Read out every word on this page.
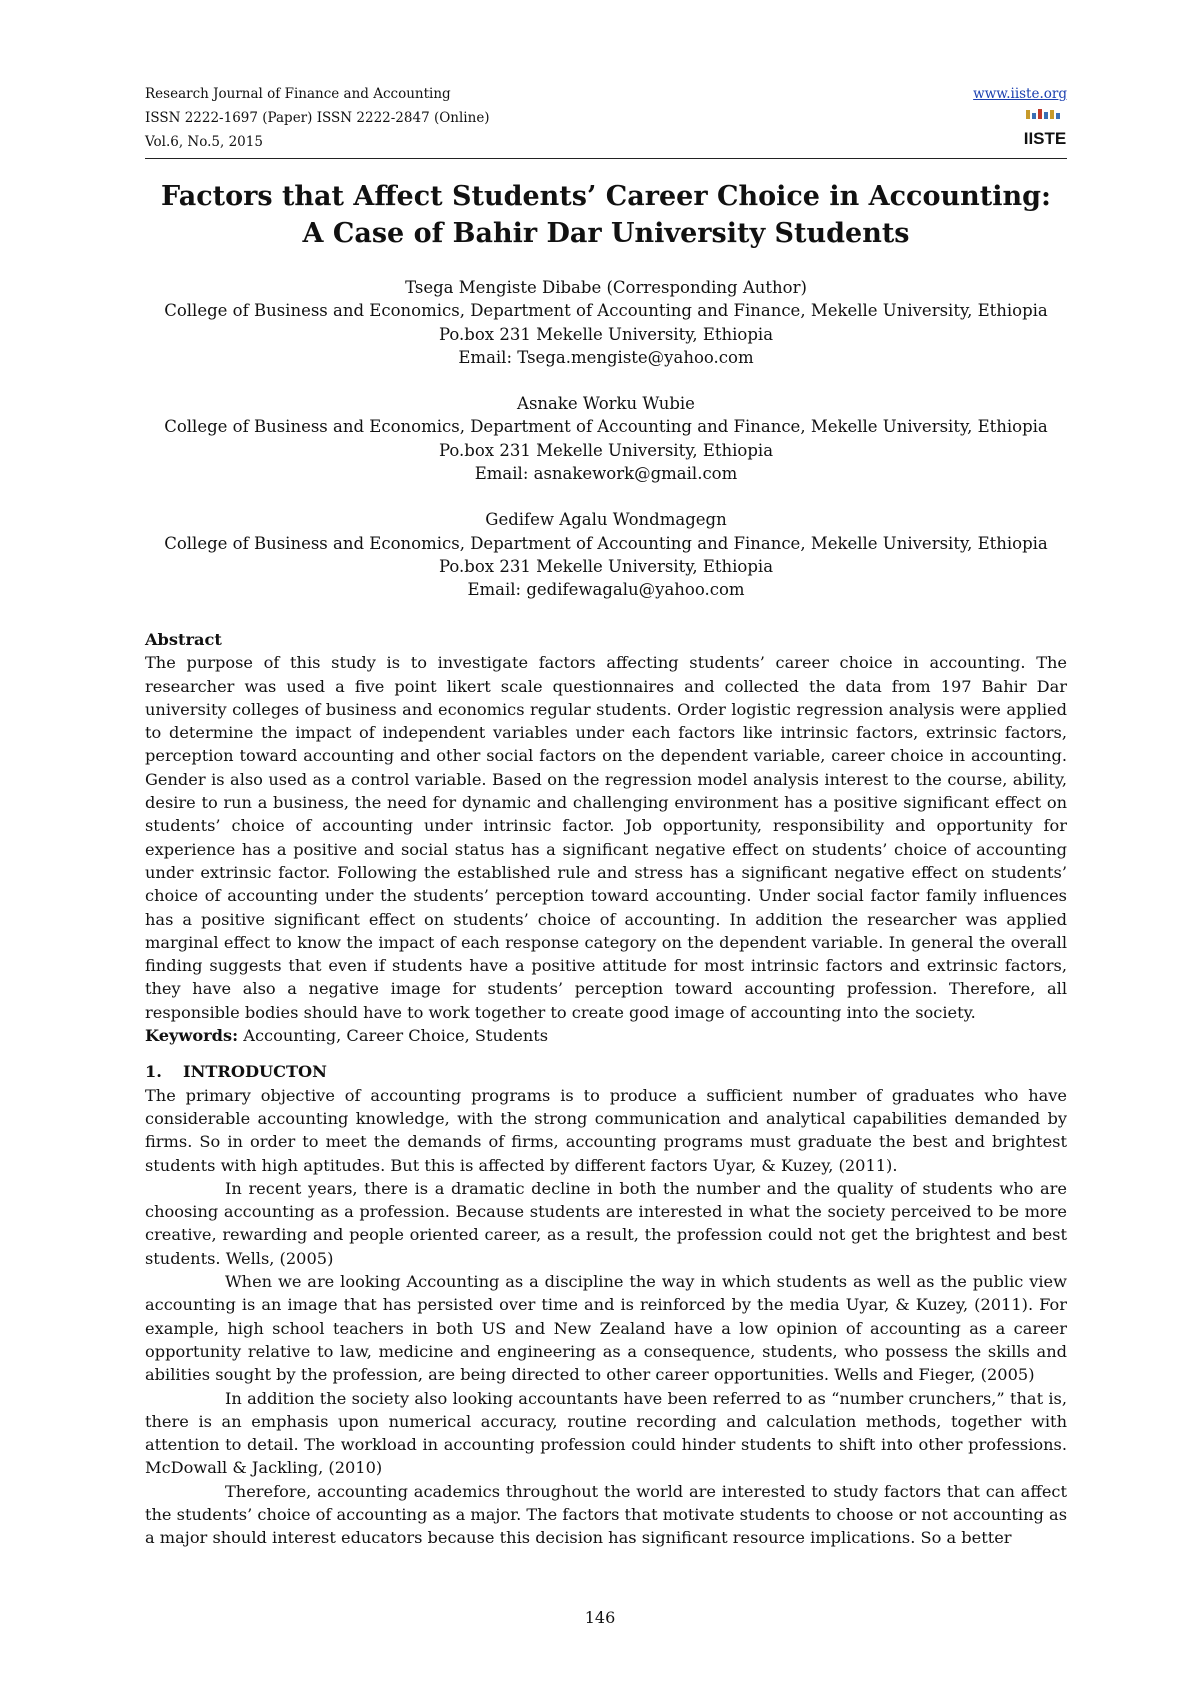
Research Journal of Finance and Accounting
ISSN 2222-1697 (Paper) ISSN 2222-2847 (Online)
Vol.6, No.5, 2015
www.iiste.org
IISTE
Factors that Affect Students’ Career Choice in Accounting:
A Case of Bahir Dar University Students
Tsega Mengiste Dibabe (Corresponding Author)
College of Business and Economics, Department of Accounting and Finance, Mekelle University, Ethiopia
Po.box 231 Mekelle University, Ethiopia
Email: Tsega.mengiste@yahoo.com
Asnake Worku Wubie
College of Business and Economics, Department of Accounting and Finance, Mekelle University, Ethiopia
Po.box 231 Mekelle University, Ethiopia
Email: asnakework@gmail.com
Gedifew Agalu Wondmagegn
College of Business and Economics, Department of Accounting and Finance, Mekelle University, Ethiopia
Po.box 231 Mekelle University, Ethiopia
Email: gedifewagalu@yahoo.com

Abstract

The purpose of this study is to investigate factors affecting students’ career choice in accounting. The researcher was used a five point likert scale questionnaires and collected the data from 197 Bahir Dar university colleges of business and economics regular students. Order logistic regression analysis were applied to determine the impact of independent variables under each factors like intrinsic factors, extrinsic factors, perception toward accounting and other social factors on the dependent variable, career choice in accounting. Gender is also used as a control variable. Based on the regression model analysis interest to the course, ability, desire to run a business, the need for dynamic and challenging environment has a positive significant effect on students’ choice of accounting under intrinsic factor. Job opportunity, responsibility and opportunity for experience has a positive and social status has a significant negative effect on students’ choice of accounting under extrinsic factor. Following the established rule and stress has a significant negative effect on students’ choice of accounting under the students’ perception toward accounting. Under social factor family influences has a positive significant effect on students’ choice of accounting. In addition the researcher was applied marginal effect to know the impact of each response category on the dependent variable. In general the overall finding suggests that even if students have a positive attitude for most intrinsic factors and extrinsic factors, they have also a negative image for students’ perception toward accounting profession. Therefore, all responsible bodies should have to work together to create good image of accounting into the society.

Keywords: Accounting, Career Choice, Students

1. INTRODUCTON

The primary objective of accounting programs is to produce a sufficient number of graduates who have considerable accounting knowledge, with the strong communication and analytical capabilities demanded by firms. So in order to meet the demands of firms, accounting programs must graduate the best and brightest students with high aptitudes. But this is affected by different factors Uyar, & Kuzey, (2011).

In recent years, there is a dramatic decline in both the number and the quality of students who are choosing accounting as a profession. Because students are interested in what the society perceived to be more creative, rewarding and people oriented career, as a result, the profession could not get the brightest and best students. Wells, (2005)

When we are looking Accounting as a discipline the way in which students as well as the public view accounting is an image that has persisted over time and is reinforced by the media Uyar, & Kuzey, (2011). For example, high school teachers in both US and New Zealand have a low opinion of accounting as a career opportunity relative to law, medicine and engineering as a consequence, students, who possess the skills and abilities sought by the profession, are being directed to other career opportunities. Wells and Fieger, (2005)

In addition the society also looking accountants have been referred to as “number crunchers,” that is, there is an emphasis upon numerical accuracy, routine recording and calculation methods, together with attention to detail. The workload in accounting profession could hinder students to shift into other professions. McDowall & Jackling, (2010)

Therefore, accounting academics throughout the world are interested to study factors that can affect the students’ choice of accounting as a major. The factors that motivate students to choose or not accounting as a major should interest educators because this decision has significant resource implications. So a better

146
